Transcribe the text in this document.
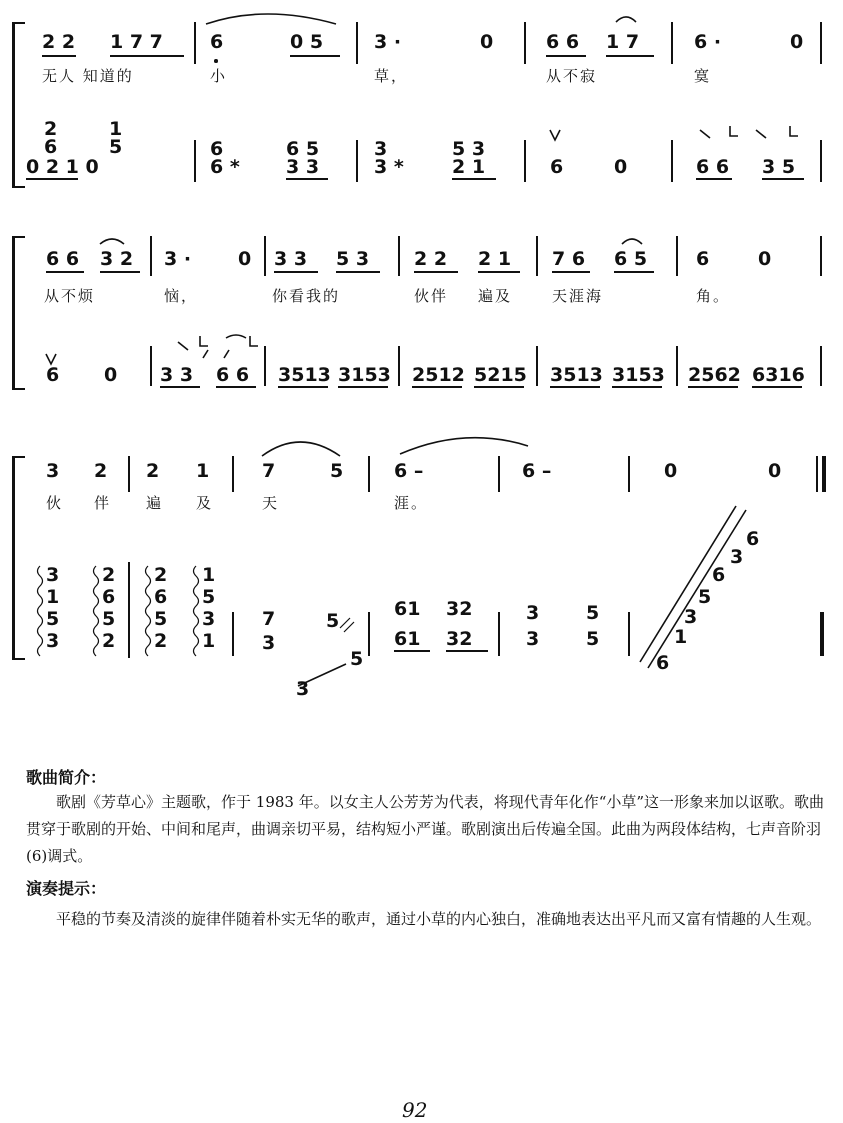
2 2 1 7 7 6	0 5	3 ·	0	6 6 1 7	6 ·	0
无人 知道的	小	草，	从不寂	寞
2
6
1
5
0 2 1 0
6
6 *
6 5
3 3
3
3 *
5 3
2 1	6	0	6 6 3 5
6 6 3 2 3 · 0 3 3 5 3 2 2 2 1 7 6 6 5	6	0
从不烦	恼，	你看我的	伙伴 遍及	天涯海	角。
6 0 3 3 6 6 3513 3153 2512 5215 3513 3153 2562 6316
3 2 2 1	7	5	6 –	6 –	0	0
伙 伴 遍 及	天	涯。
3
1
5
3
2
6
5
2
2
6
5
2
1
5
3
1
7
3
5
5
3
61 32
61 32
3
3
5
5
6
1
3
5
6
3
6
歌曲简介：
歌剧《芳草心》主题歌，作于 1983 年。以女主人公芳芳为代表，将现代青年化作“小草”这一形象来加以讴歌。歌曲贯穿于歌剧的开始、中间和尾声，曲调亲切平易，结构短小严谨。歌剧演出后传遍全国。此曲为两段体结构，七声音阶羽(6)调式。
演奏提示：
平稳的节奏及清淡的旋律伴随着朴实无华的歌声，通过小草的内心独白，准确地表达出平凡而又富有情趣的人生观。
92
